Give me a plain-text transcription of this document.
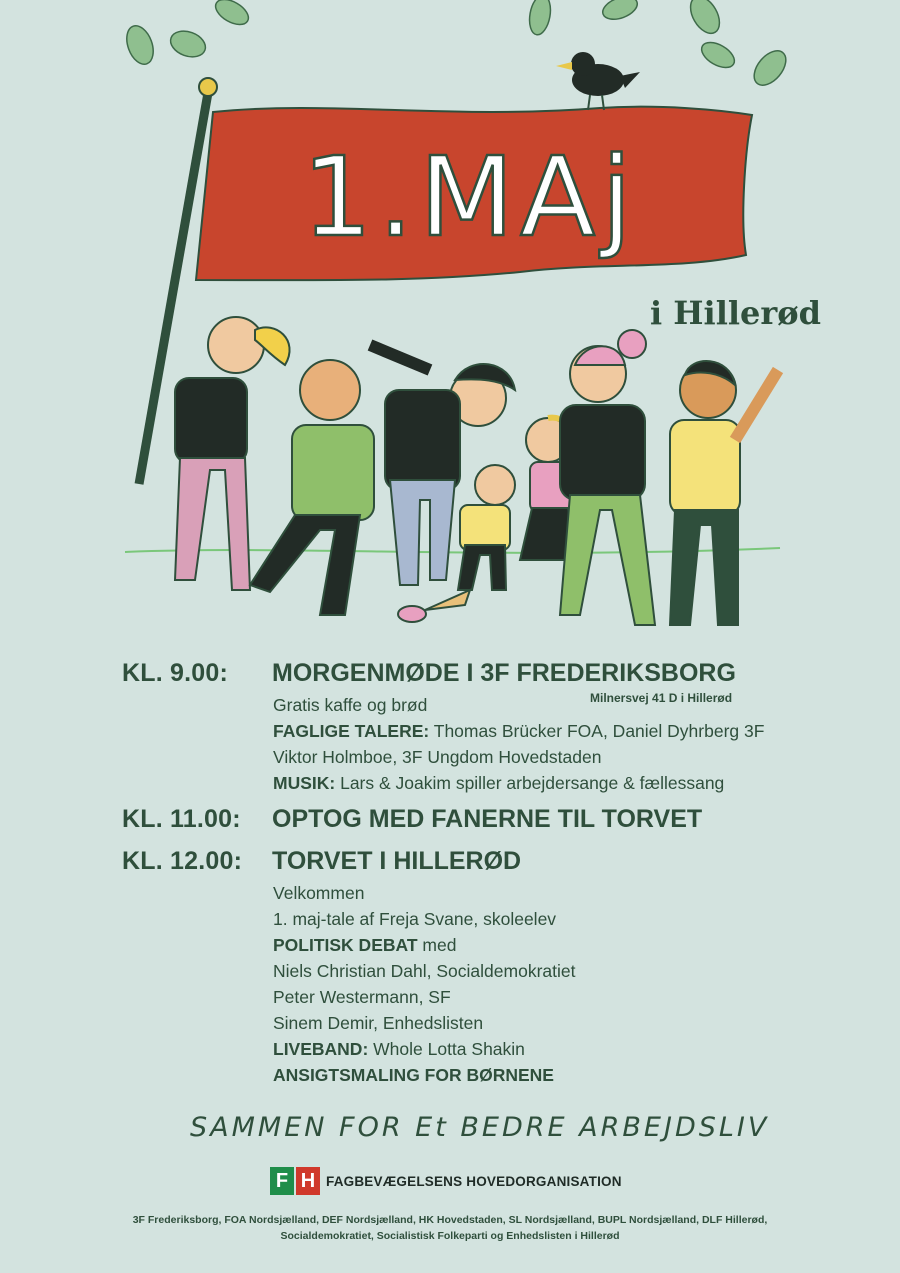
1.MAj
i Hillerød
KL. 9.00: MORGENMØDE I 3F FREDERIKSBORG
Milnersvej 41 D i Hillerød
Gratis kaffe og brød
FAGLIGE TALERE: Thomas Brücker FOA, Daniel Dyhrberg 3F
Viktor Holmboe, 3F Ungdom Hovedstaden
MUSIK: Lars & Joakim spiller arbejdersange & fællessang
KL. 11.00: OPTOG MED FANERNE TIL TORVET
KL. 12.00: TORVET I HILLERØD
Velkommen
1. maj-tale af Freja Svane, skoleelev
POLITISK DEBAT med
Niels Christian Dahl, Socialdemokratiet
Peter Westermann, SF
Sinem Demir, Enhedslisten
LIVEBAND: Whole Lotta Shakin
ANSIGTSMALING FOR BØRNENE
SAMMEN FOR Et BEDRE ARBEJDSLIV
F H FAGBEVÆGELSENS HOVEDORGANISATION
3F Frederiksborg, FOA Nordsjælland, DEF Nordsjælland, HK Hovedstaden, SL Nordsjælland, BUPL Nordsjælland, DLF Hillerød,
Socialdemokratiet, Socialistisk Folkeparti og Enhedslisten i Hillerød
